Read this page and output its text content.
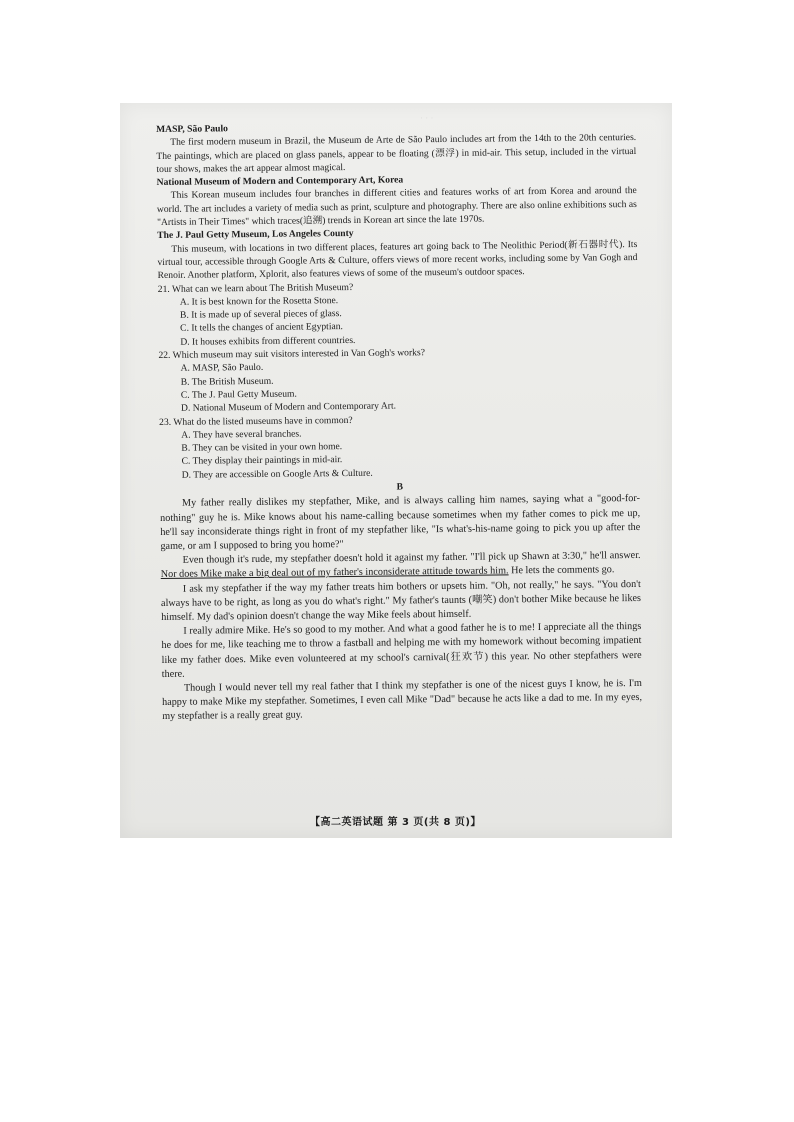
· · ·

MASP, São Paulo

The first modern museum in Brazil, the Museum de Arte de São Paulo includes art from the 14th to the 20th centuries. The paintings, which are placed on glass panels, appear to be floating (漂浮) in mid-air. This setup, included in the virtual tour shows, makes the art appear almost magical.

National Museum of Modern and Contemporary Art, Korea

This Korean museum includes four branches in different cities and features works of art from Korea and around the world. The art includes a variety of media such as print, sculpture and photography. There are also online exhibitions such as "Artists in Their Times" which traces(追溯) trends in Korean art since the late 1970s.

The J. Paul Getty Museum, Los Angeles County

This museum, with locations in two different places, features art going back to The Neolithic Period(新石器时代). Its virtual tour, accessible through Google Arts & Culture, offers views of more recent works, including some by Van Gogh and Renoir. Another platform, Xplorit, also features views of some of the museum's outdoor spaces.

21. What can we learn about The British Museum?

A. It is best known for the Rosetta Stone.

B. It is made up of several pieces of glass.

C. It tells the changes of ancient Egyptian.

D. It houses exhibits from different countries.

22. Which museum may suit visitors interested in Van Gogh's works?

A. MASP, São Paulo.

B. The British Museum.

C. The J. Paul Getty Museum.

D. National Museum of Modern and Contemporary Art.

23. What do the listed museums have in common?

A. They have several branches.

B. They can be visited in your own home.

C. They display their paintings in mid-air.

D. They are accessible on Google Arts & Culture.

B

My father really dislikes my stepfather, Mike, and is always calling him names, saying what a "good-for-nothing" guy he is. Mike knows about his name-calling because sometimes when my father comes to pick me up, he'll say inconsiderate things right in front of my stepfather like, "Is what's-his-name going to pick you up after the game, or am I supposed to bring you home?"

Even though it's rude, my stepfather doesn't hold it against my father. "I'll pick up Shawn at 3:30," he'll answer. Nor does Mike make a big deal out of my father's inconsiderate attitude towards him. He lets the comments go.

I ask my stepfather if the way my father treats him bothers or upsets him. "Oh, not really," he says. "You don't always have to be right, as long as you do what's right." My father's taunts (嘲笑) don't bother Mike because he likes himself. My dad's opinion doesn't change the way Mike feels about himself.

I really admire Mike. He's so good to my mother. And what a good father he is to me! I appreciate all the things he does for me, like teaching me to throw a fastball and helping me with my homework without becoming impatient like my father does. Mike even volunteered at my school's carnival(狂欢节) this year. No other stepfathers were there.

Though I would never tell my real father that I think my stepfather is one of the nicest guys I know, he is. I'm happy to make Mike my stepfather. Sometimes, I even call Mike "Dad" because he acts like a dad to me. In my eyes, my stepfather is a really great guy.

【高二英语试题 第 3 页(共 8 页)】
